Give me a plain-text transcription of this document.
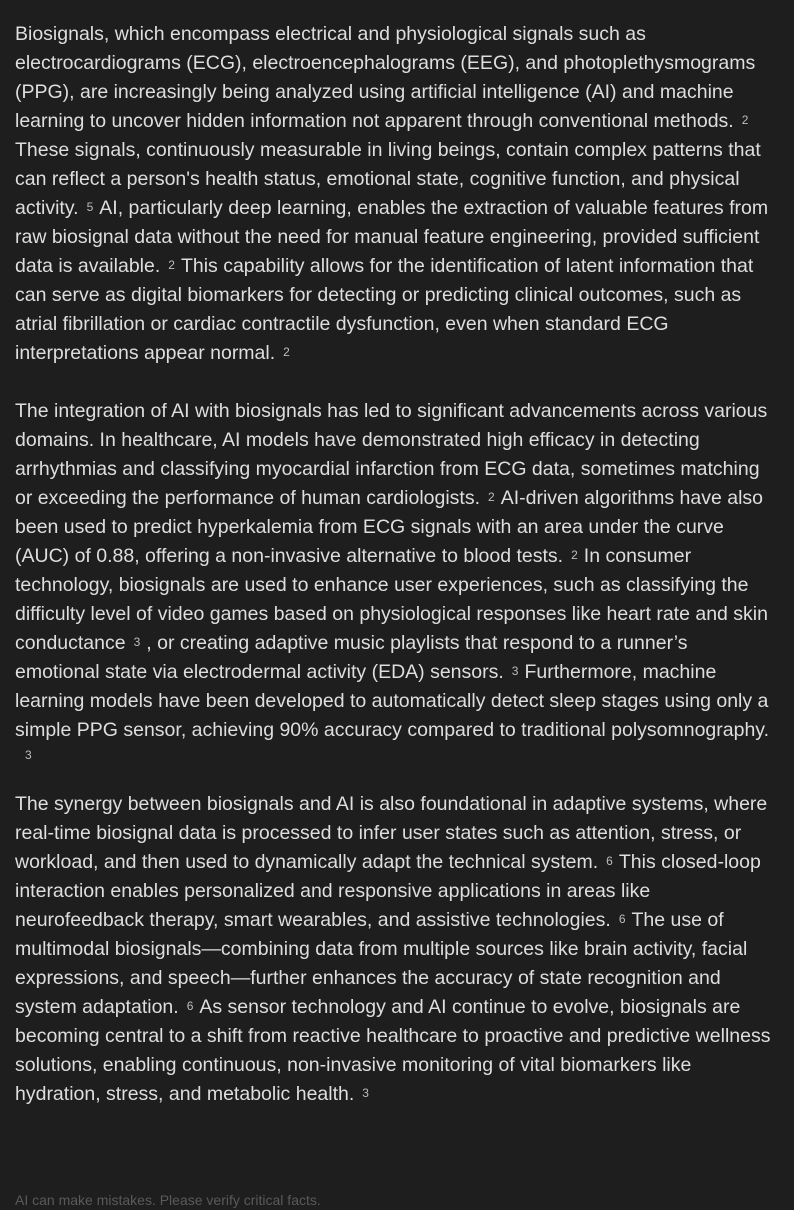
Biosignals, which encompass electrical and physiological signals such as electrocardiograms (ECG), electroencephalograms (EEG), and photoplethysmograms (PPG), are increasingly being analyzed using artificial intelligence (AI) and machine learning to uncover hidden information not apparent through conventional methods. 2These signals, continuously measurable in living beings, contain complex patterns that can reflect a person's health status, emotional state, cognitive function, and physical activity. 5 AI, particularly deep learning, enables the extraction of valuable features from raw biosignal data without the need for manual feature engineering, provided sufficient data is available. 2 This capability allows for the identification of latent information that can serve as digital biomarkers for detecting or predicting clinical outcomes, such as atrial fibrillation or cardiac contractile dysfunction, even when standard ECG interpretations appear normal. 2

The integration of AI with biosignals has led to significant advancements across various domains. In healthcare, AI models have demonstrated high efficacy in detecting arrhythmias and classifying myocardial infarction from ECG data, sometimes matching or exceeding the performance of human cardiologists. 2 AI-driven algorithms have also been used to predict hyperkalemia from ECG signals with an area under the curve (AUC) of 0.88, offering a non-invasive alternative to blood tests. 2 In consumer technology, biosignals are used to enhance user experiences, such as classifying the difficulty level of video games based on physiological responses like heart rate and skin conductance 3 , or creating adaptive music playlists that respond to a runner’s emotional state via electrodermal activity (EDA) sensors. 3 Furthermore, machine learning models have been developed to automatically detect sleep stages using only a simple PPG sensor, achieving 90% accuracy compared to traditional polysomnography.
3

The synergy between biosignals and AI is also foundational in adaptive systems, where real-time biosignal data is processed to infer user states such as attention, stress, or workload, and then used to dynamically adapt the technical system. 6 This closed-loop interaction enables personalized and responsive applications in areas like neurofeedback therapy, smart wearables, and assistive technologies. 6 The use of multimodal biosignals—combining data from multiple sources like brain activity, facial expressions, and speech—further enhances the accuracy of state recognition and system adaptation. 6 As sensor technology and AI continue to evolve, biosignals are becoming central to a shift from reactive healthcare to proactive and predictive wellness solutions, enabling continuous, non-invasive monitoring of vital biomarkers like hydration, stress, and metabolic health. 3

AI can make mistakes. Please verify critical facts.
